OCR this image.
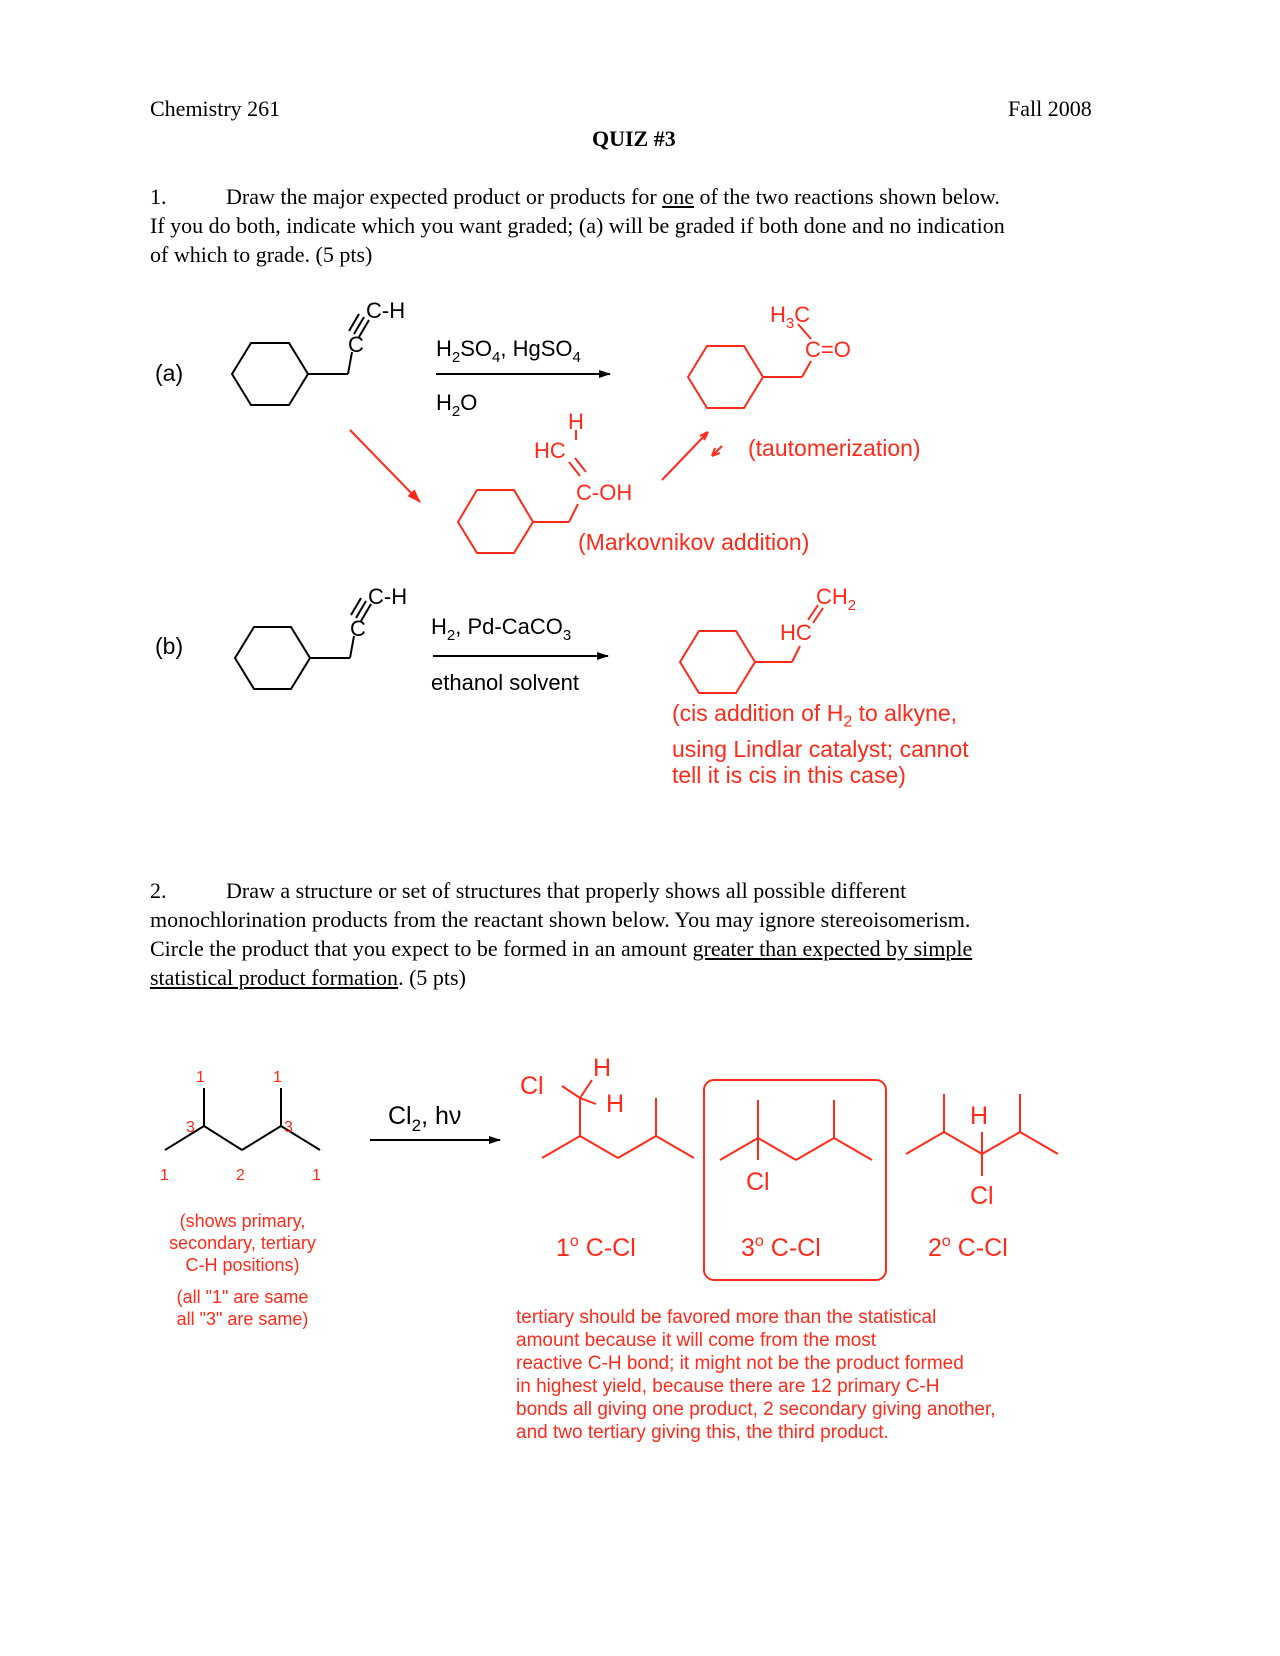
Chemistry 261	Fall 2008
QUIZ #3
1.	Draw the major expected product or products for one of the two reactions shown below.
If you do both, indicate which you want graded; (a) will be graded if both done and no indication
of which to grade. (5 pts)
2.	Draw a structure or set of structures that properly shows all possible different
monochlorination products from the reactant shown below. You may ignore stereoisomerism.
Circle the product that you expect to be formed in an amount greater than expected by simple
statistical product formation. (5 pts)
(cis addition of $H_2$ to alkyne,
using Lindlar catalyst; cannot
tell it is cis in this case)
(shows primary,
secondary, tertiary
C-H positions)
(all "1" are same
all "3" are same)	tertiary should be favored more than the statistical
amount because it will come from the most
reactive C-H bond; it might not be the product formed
in highest yield, because there are 12 primary C-H
bonds all giving one product, 2 secondary giving another,
and two tertiary giving this, the third product.
(a)
C
C-H
$H_2SO_4$, HgSO$_4$
$H_2O$
$H_3C$
C=O
H
HC
C-OH
(tautomerization)
(Markovnikov addition)
(b)
C
C-H
$H_2$, Pd-CaCO$_3$
ethanol solvent
$CH_2$
HC
1	1
3	3
1	2	1
$Cl_2$, hν
Cl
H
H
1$^o$ C-Cl
Cl
3$^o$ C-Cl
H
Cl
2$^o$ C-Cl
